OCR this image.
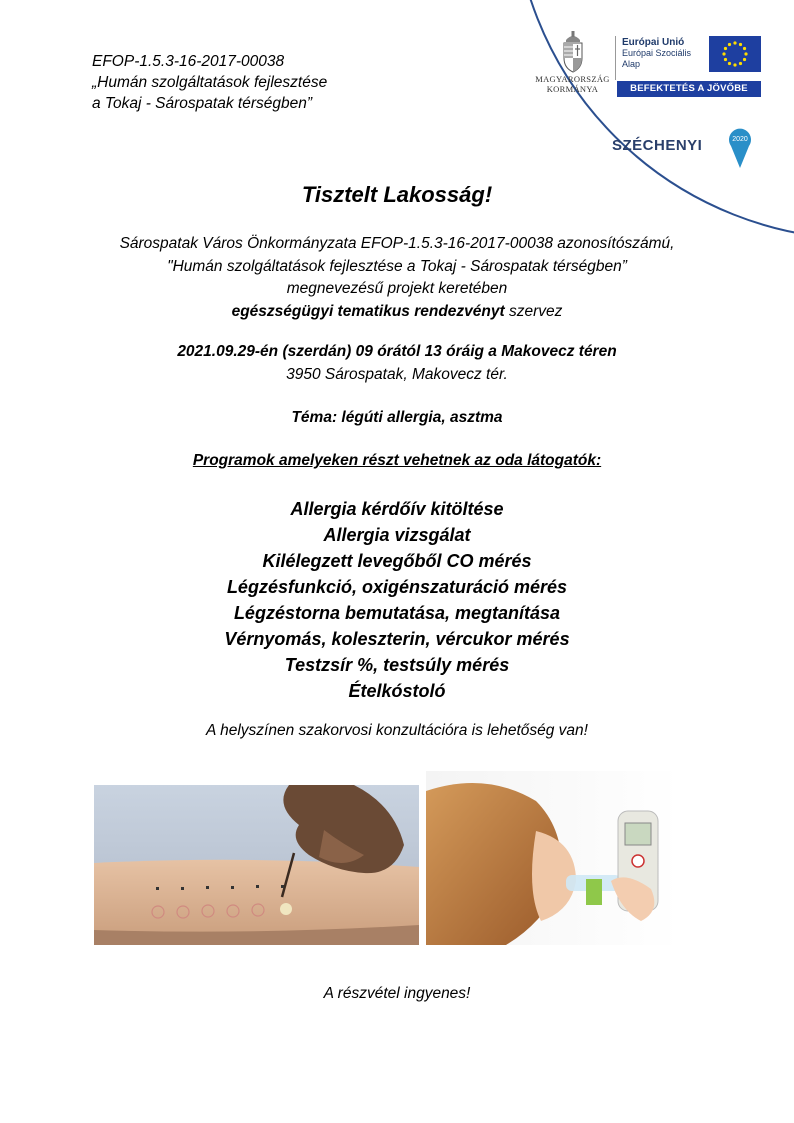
EFOP-1.5.3-16-2017-00038
„Humán szolgáltatások fejlesztése
a Tokaj - Sárospatak térségben”
MAGYARORSZÁG
KORMÁNYA
Európai Unió
Európai Szociális
Alap
BEFEKTETÉS A JÖVŐBE
SZÉCHENYI	2020
Tisztelt Lakosság!
Sárospatak Város Önkormányzata EFOP-1.5.3-16-2017-00038 azonosítószámú,
"Humán szolgáltatások fejlesztése a Tokaj - Sárospatak térségben”
megnevezésű projekt keretében
egészségügyi tematikus rendezvényt szervez
2021.09.29-én (szerdán) 09 órától 13 óráig a Makovecz téren
3950 Sárospatak, Makovecz tér.
Téma: légúti allergia, asztma
Programok amelyeken részt vehetnek az oda látogatók:
Allergia kérdőív kitöltése
Allergia vizsgálat
Kilélegzett levegőből CO mérés
Légzésfunkció, oxigénszaturáció mérés
Légzéstorna bemutatása, megtanítása
Vérnyomás, koleszterin, vércukor mérés
Testzsír %, testsúly mérés
Ételkóstoló
A helyszínen szakorvosi konzultációra is lehetőség van!
A részvétel ingyenes!
